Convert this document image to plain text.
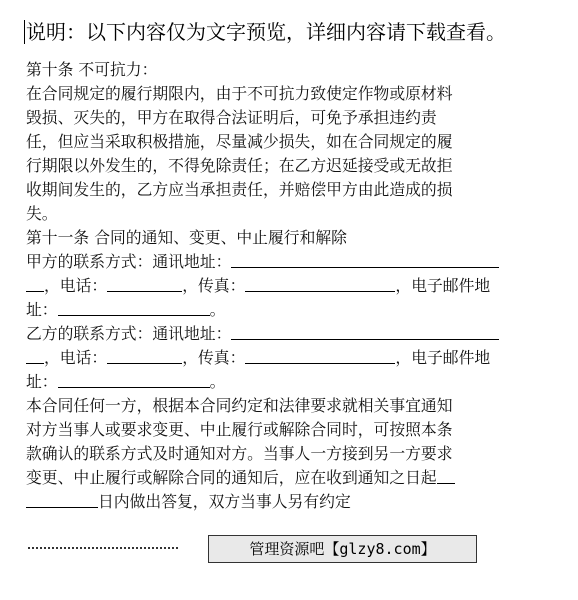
说明：以下内容仅为文字预览，详细内容请下载查看。
第十条 不可抗力：
在合同规定的履行期限内，由于不可抗力致使定作物或原材料
毁损、灭失的，甲方在取得合法证明后，可免予承担违约责
任，但应当采取积极措施，尽量减少损失，如在合同规定的履
行期限以外发生的，不得免除责任；在乙方迟延接受或无故拒
收期间发生的，乙方应当承担责任，并赔偿甲方由此造成的损
失。
第十一条 合同的通知、变更、中止履行和解除
甲方的联系方式：通讯地址：
，电话：	，传真：	，电子邮件地
址：	。
乙方的联系方式：通讯地址：
，电话：	，传真：	，电子邮件地
址：	。
本合同任何一方，根据本合同约定和法律要求就相关事宜通知
对方当事人或要求变更、中止履行或解除合同时，可按照本条
款确认的联系方式及时通知对方。当事人一方接到另一方要求
变更、中止履行或解除合同的通知后，应在收到通知之日起
日内做出答复，双方当事人另有约定
管理资源吧【glzy8.com】
